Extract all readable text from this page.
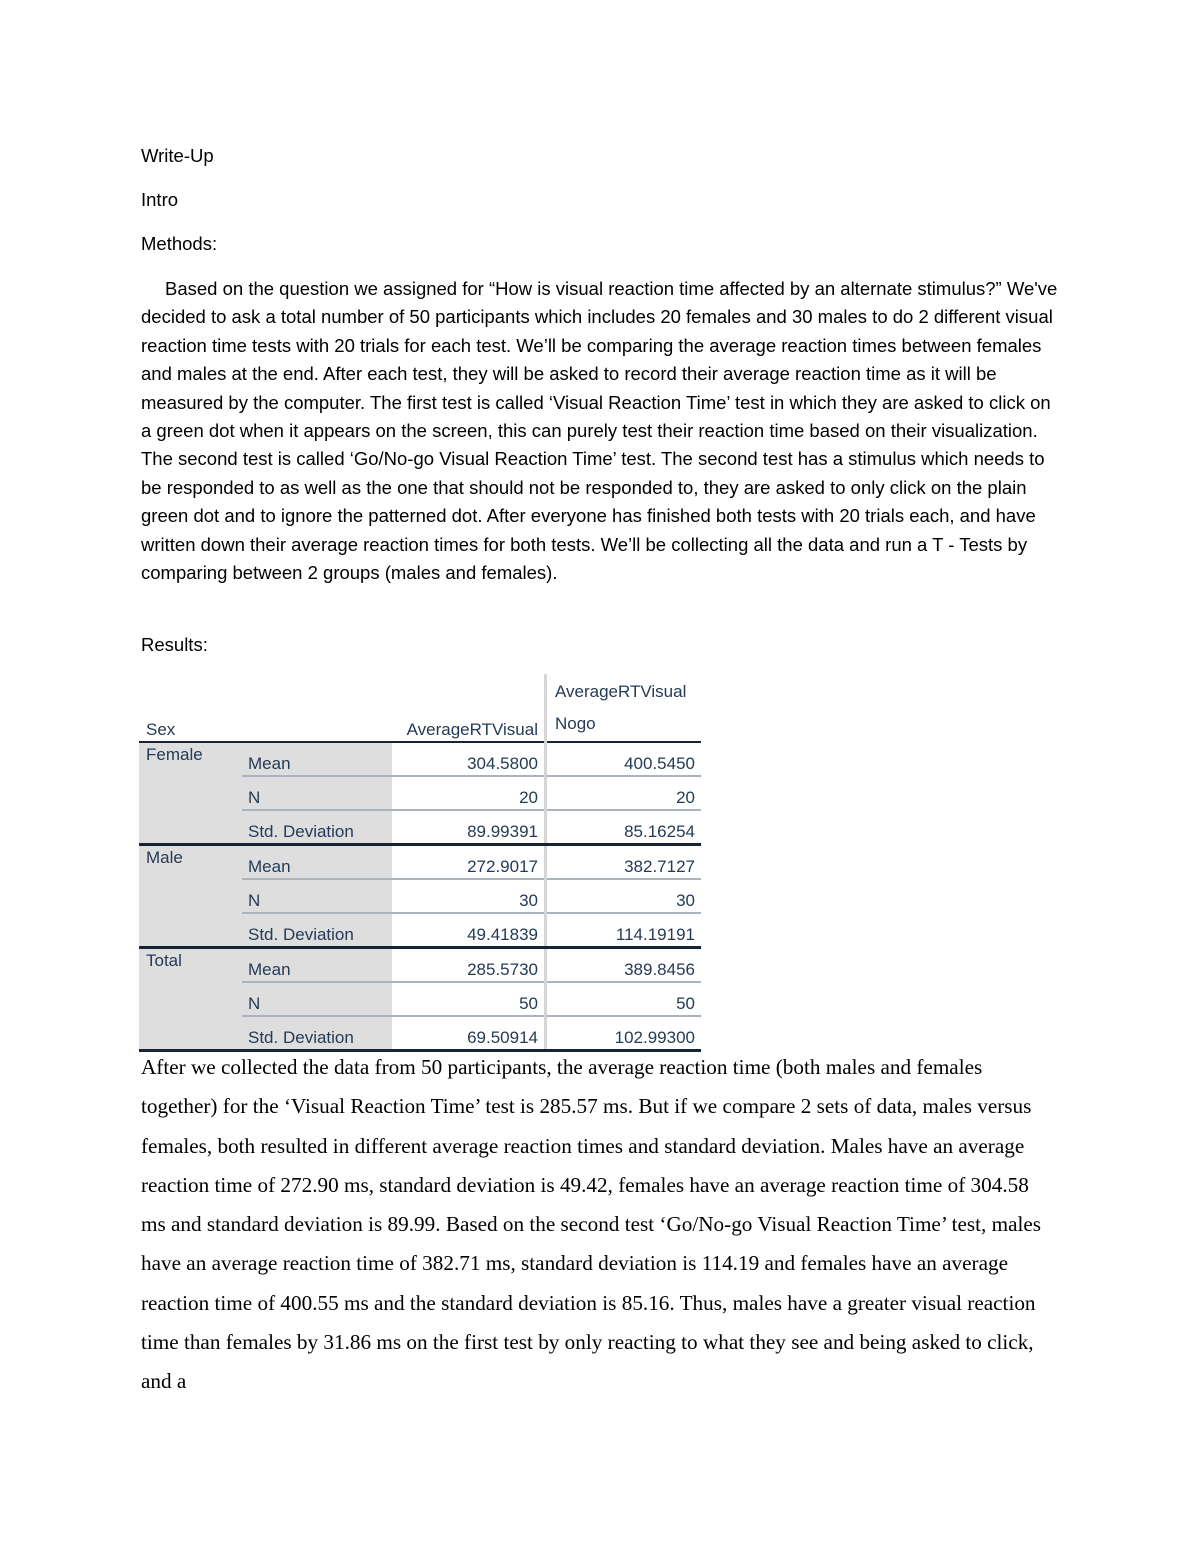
Write-Up
Intro
Methods:

Based on the question we assigned for “How is visual reaction time affected by an alternate stimulus?” We've decided to ask a total number of 50 participants which includes 20 females and 30 males to do 2 different visual reaction time tests with 20 trials for each test. We’ll be comparing the average reaction times between females and males at the end. After each test, they will be asked to record their average reaction time as it will be measured by the computer. The first test is called ‘Visual Reaction Time’ test in which they are asked to click on a green dot when it appears on the screen, this can purely test their reaction time based on their visualization. The second test is called ‘Go/No-go Visual Reaction Time’ test. The second test has a stimulus which needs to be responded to as well as the one that should not be responded to, they are asked to only click on the plain green dot and to ignore the patterned dot. After everyone has finished both tests with 20 trials each, and have written down their average reaction times for both tests. We’ll be collecting all the data and run a T - Tests by comparing between 2 groups (males and females).

Results:
Sex		AverageRTVisual	AverageRTVisual
Nogo
Female	Mean	304.5800	400.5450
	N	20	20
	Std. Deviation	89.99391	85.16254
Male	Mean	272.9017	382.7127
	N	30	30
	Std. Deviation	49.41839	114.19191
Total	Mean	285.5730	389.8456
	N	50	50
	Std. Deviation	69.50914	102.99300

After we collected the data from 50 participants, the average reaction time (both males and females together) for the ‘Visual Reaction Time’ test is 285.57 ms. But if we compare 2 sets of data, males versus females, both resulted in different average reaction times and standard deviation. Males have an average reaction time of 272.90 ms, standard deviation is 49.42, females have an average reaction time of 304.58 ms and standard deviation is 89.99. Based on the second test ‘Go/No-go Visual Reaction Time’ test, males have an average reaction time of 382.71 ms, standard deviation is 114.19 and females have an average reaction time of 400.55 ms and the standard deviation is 85.16. Thus, males have a greater visual reaction time than females by 31.86 ms on the first test by only reacting to what they see and being asked to click, and a
